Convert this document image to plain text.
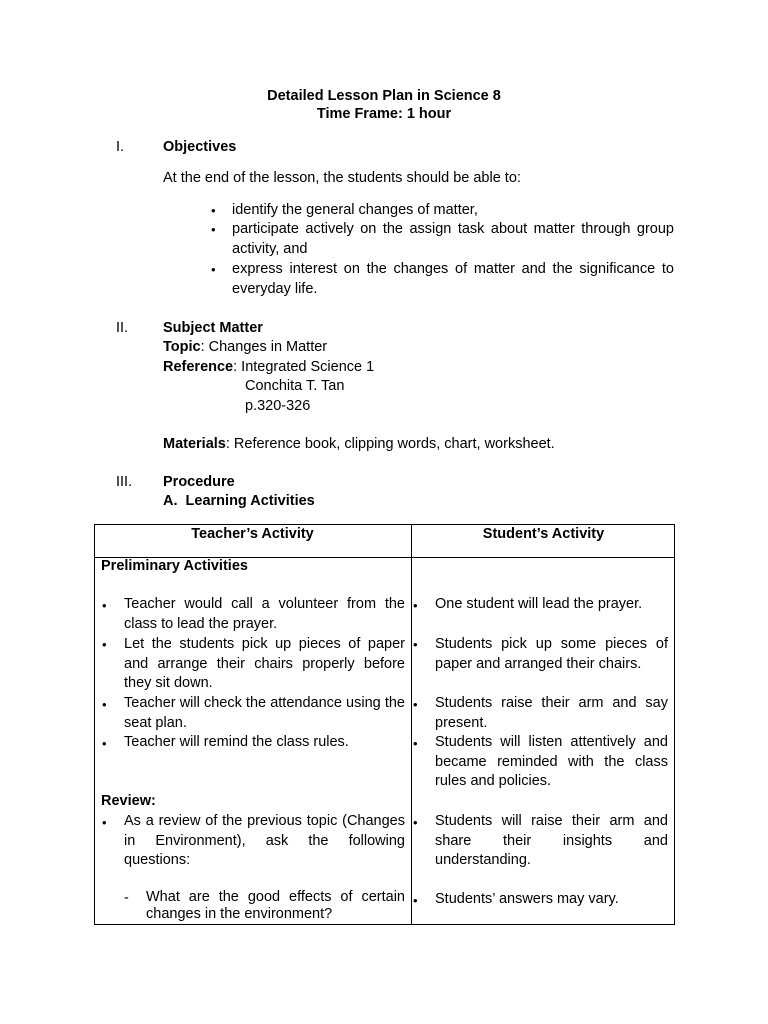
Detailed Lesson Plan in Science 8
Time Frame: 1 hour
I.	Objectives
At the end of the lesson, the students should be able to:
• identify the general changes of matter,
• participate actively on the assign task about matter through group activity, and
• express interest on the changes of matter and the significance to everyday life.
II. Subject Matter
Topic: Changes in Matter
Reference: Integrated Science 1
Conchita T. Tan
p.320-326
Materials: Reference book, clipping words, chart, worksheet.
III. Procedure
A.  Learning Activities
Teacher’s Activity	Student’s Activity
Preliminary Activities
• Teacher would call a volunteer from the class to lead the prayer.
• Let the students pick up pieces of paper and arrange their chairs properly before they sit down.
• Teacher will check the attendance using the seat plan.
• Teacher will remind the class rules.
Review:
• As a review of the previous topic (Changes in Environment), ask the following questions:
- What are the good effects of certain changes in the environment?
• One student will lead the prayer.
• Students pick up some pieces of paper and arranged their chairs.
• Students raise their arm and say present.
• Students will listen attentively and became reminded with the class rules and policies.
• Students will raise their arm and share their insights and understanding.
• Students’ answers may vary.
